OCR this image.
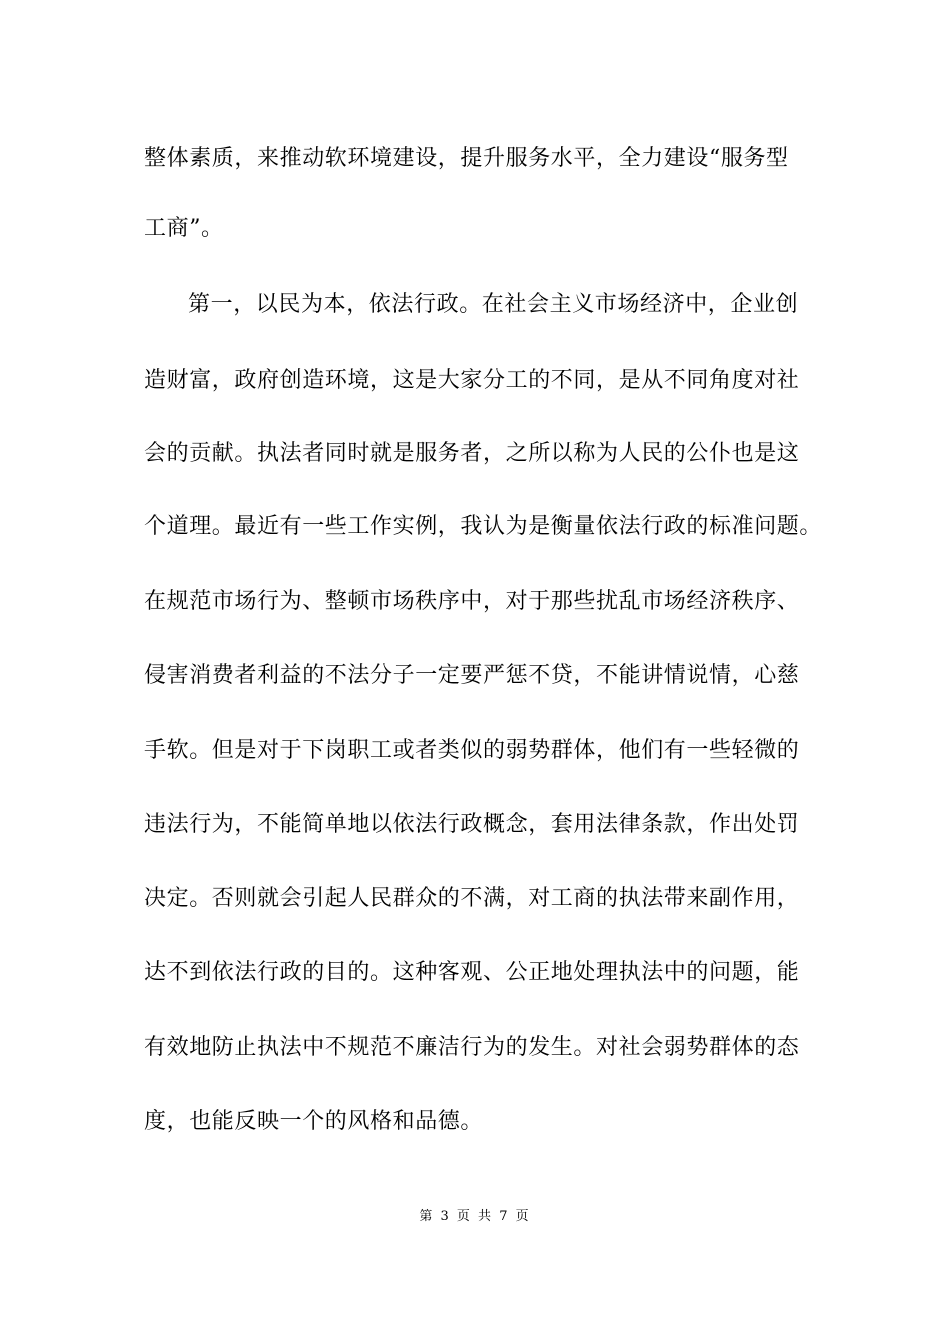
整体素质，来推动软环境建设，提升服务水平，全力建设“服务型
工商”。
第一，以民为本，依法行政。在社会主义市场经济中，企业创
造财富，政府创造环境，这是大家分工的不同，是从不同角度对社
会的贡献。执法者同时就是服务者，之所以称为人民的公仆也是这
个道理。最近有一些工作实例，我认为是衡量依法行政的标准问题。
在规范市场行为、整顿市场秩序中，对于那些扰乱市场经济秩序、
侵害消费者利益的不法分子一定要严惩不贷，不能讲情说情，心慈
手软。但是对于下岗职工或者类似的弱势群体，他们有一些轻微的
违法行为，不能简单地以依法行政概念，套用法律条款，作出处罚
决定。否则就会引起人民群众的不满，对工商的执法带来副作用，
达不到依法行政的目的。这种客观、公正地处理执法中的问题，能
有效地防止执法中不规范不廉洁行为的发生。对社会弱势群体的态
度，也能反映一个的风格和品德。
第 3 页 共 7 页
